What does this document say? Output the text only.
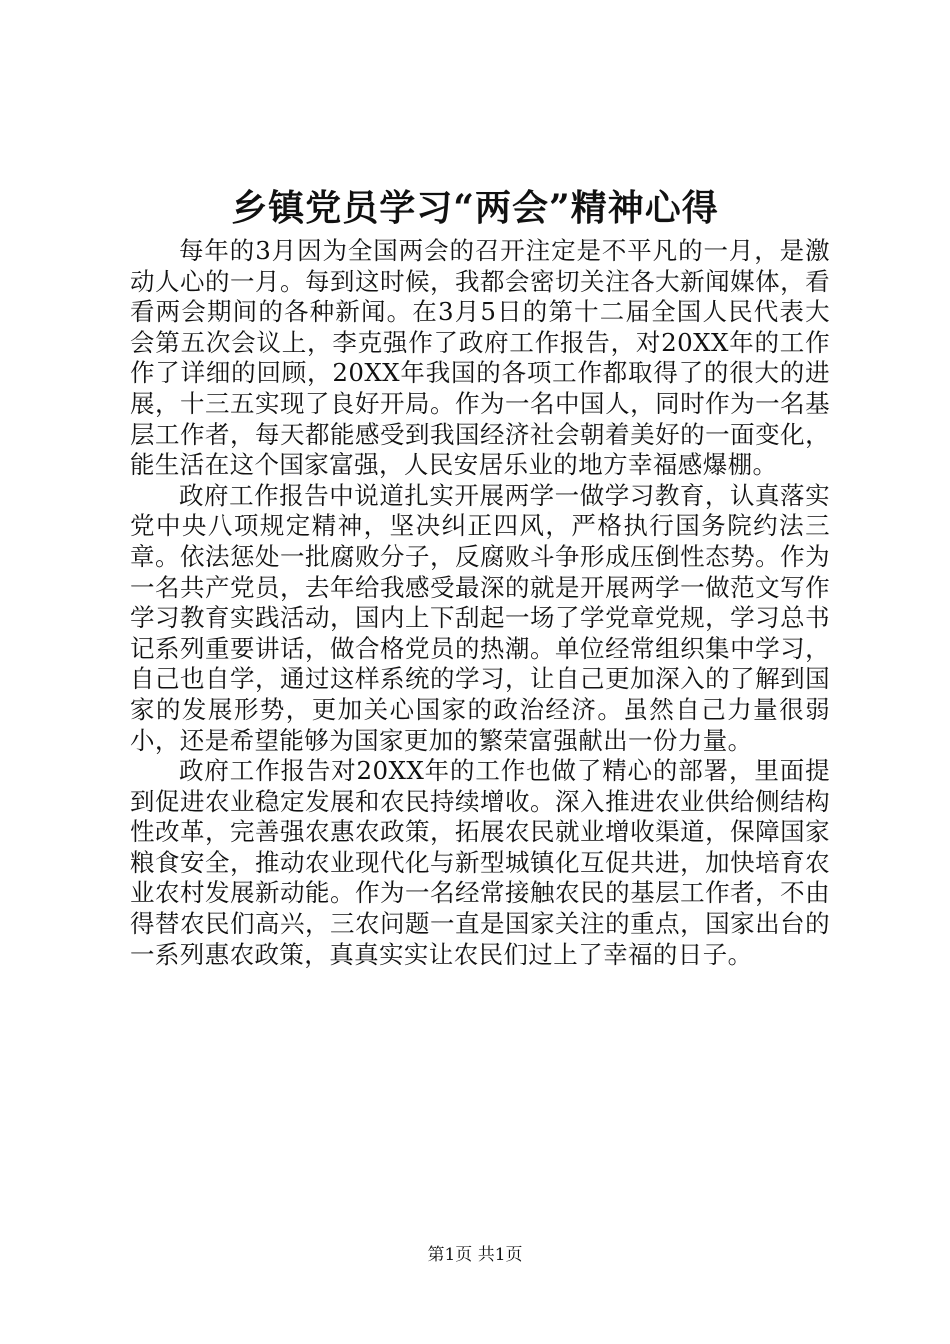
乡镇党员学习“两会”精神心得

每年的3月因为全国两会的召开注定是不平凡的一月，是激动人心的一月。每到这时候，我都会密切关注各大新闻媒体，看看两会期间的各种新闻。在3月5日的第十二届全国人民代表大会第五次会议上，李克强作了政府工作报告，对20XX年的工作作了详细的回顾，20XX年我国的各项工作都取得了的很大的进展，十三五实现了良好开局。作为一名中国人，同时作为一名基层工作者，每天都能感受到我国经济社会朝着美好的一面变化，能生活在这个国家富强，人民安居乐业的地方幸福感爆棚。

政府工作报告中说道扎实开展两学一做学习教育，认真落实党中央八项规定精神，坚决纠正四风，严格执行国务院约法三章。依法惩处一批腐败分子，反腐败斗争形成压倒性态势。作为一名共产党员，去年给我感受最深的就是开展两学一做范文写作学习教育实践活动，国内上下刮起一场了学党章党规，学习总书记系列重要讲话，做合格党员的热潮。单位经常组织集中学习，自己也自学，通过这样系统的学习，让自己更加深入的了解到国家的发展形势，更加关心国家的政治经济。虽然自己力量很弱小，还是希望能够为国家更加的繁荣富强献出一份力量。

政府工作报告对20XX年的工作也做了精心的部署，里面提到促进农业稳定发展和农民持续增收。深入推进农业供给侧结构性改革，完善强农惠农政策，拓展农民就业增收渠道，保障国家粮食安全，推动农业现代化与新型城镇化互促共进，加快培育农业农村发展新动能。作为一名经常接触农民的基层工作者，不由得替农民们高兴，三农问题一直是国家关注的重点，国家出台的一系列惠农政策，真真实实让农民们过上了幸福的日子。

第1页 共1页
